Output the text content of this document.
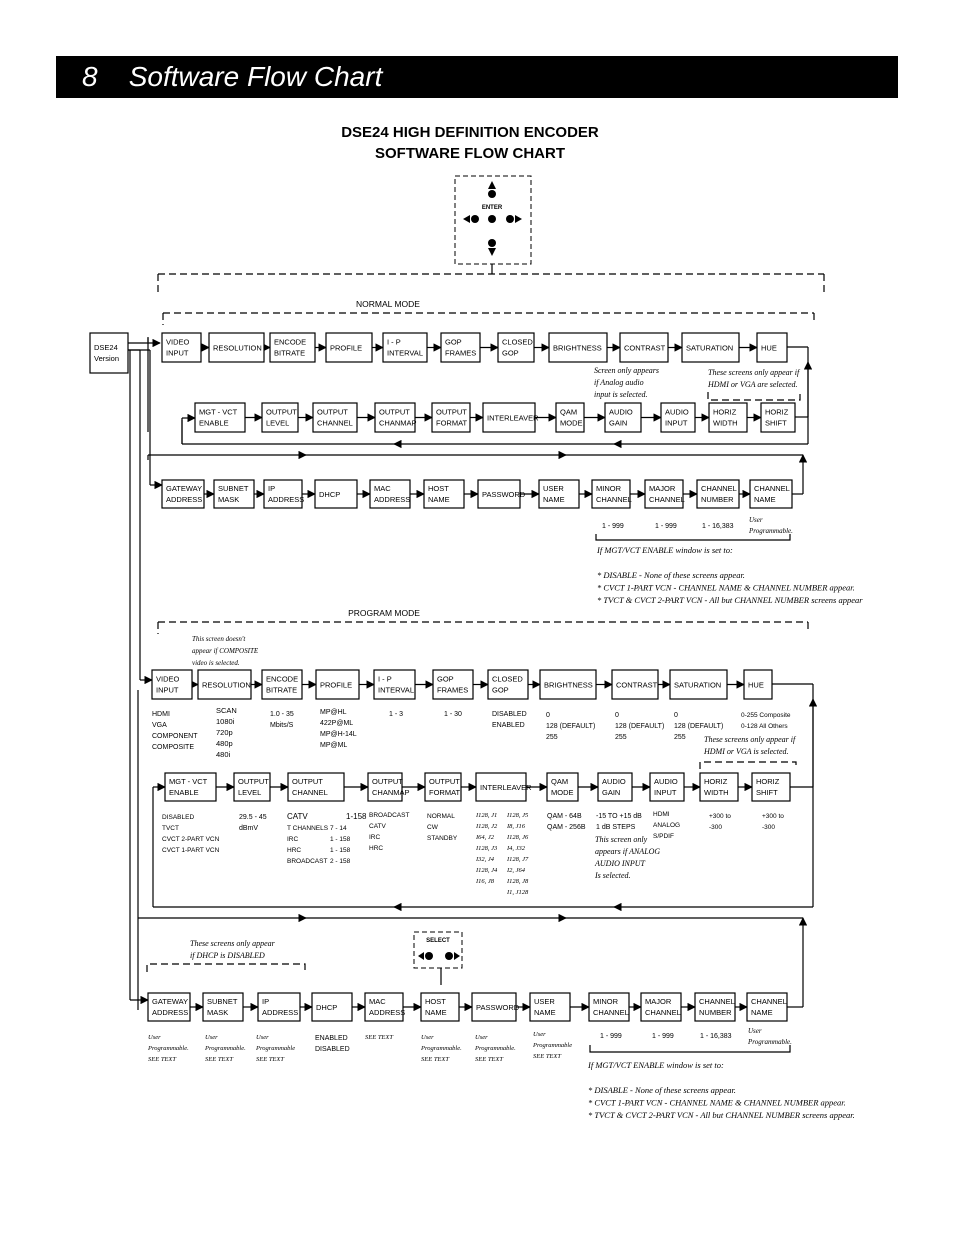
8 Software Flow Chart
DSE24 HIGH DEFINITION ENCODER
SOFTWARE FLOW CHART
ENTER
NORMAL MODE
DSE24
Version
VIDEO
INPUT
RESOLUTION
ENCODE
BITRATE
PROFILE
I - P
INTERVAL
GOP
FRAMES
CLOSED
GOP
BRIGHTNESS	CONTRAST	SATURATION	HUE
MGT - VCT
ENABLE
OUTPUT
LEVEL
OUTPUT
CHANNEL
OUTPUT
CHANMAP
OUTPUT
FORMAT
INTERLEAVER
QAM
MODE
AUDIO
GAIN
AUDIO
INPUT
HORIZ
WIDTH
HORIZ
SHIFT
Screen only appears
if Analog audio
input is selected.
These screens only appear if
HDMI or VGA are selected.
GATEWAY
ADDRESS
SUBNET
MASK
IP
ADDRESS
DHCP
MAC
ADDRESS
HOST
NAME
PASSWORD
USER
NAME
MINOR
CHANNEL
MAJOR
CHANNEL
CHANNEL
NUMBER
CHANNEL
NAME
1 - 999	1 - 999	1 - 16,383
User
Programmable.
If MGT/VCT ENABLE window is set to:
* DISABLE - None of these screens appear.
* CVCT 1-PART VCN - CHANNEL NAME & CHANNEL NUMBER appear.
* TVCT & CVCT 2-PART VCN - All but CHANNEL NUMBER screens appear
PROGRAM MODE
This screen doesn't
appear if COMPOSITE
video is selected.
VIDEO
INPUT
RESOLUTION
ENCODE
BITRATE
PROFILE
I - P
INTERVAL
GOP
FRAMES
CLOSED
GOP
BRIGHTNESS	CONTRAST SATURATION	HUE
HDMI
VGA
COMPONENT
COMPOSITE
SCAN
1080i
720p
480p
480i
1.0 - 35
Mbits/S
MP@HL
422P@ML
MP@H-14L
MP@ML
1 - 3	1 - 30	DISABLED
ENABLED
0
128 (DEFAULT)
255
0
128 (DEFAULT)
255
0
128 (DEFAULT)
255
0-255 Composite
0-128 All Others
These screens only appear if
HDMI or VGA is selected.
MGT - VCT
ENABLE
OUTPUT
LEVEL
OUTPUT
CHANNEL
OUTPUT
CHANMAP
OUTPUT
FORMAT
INTERLEAVER
QAM
MODE
AUDIO
GAIN
AUDIO
INPUT
HORIZ
WIDTH
HORIZ
SHIFT
DISABLED
TVCT
CVCT 2-PART VCN
CVCT 1-PART VCN
29.5 - 45
dBmV
CATV	1-158
T CHANNELS 7 - 14
IRC	1 - 158
HRC	1 - 158
BROADCAST 2 - 158
BROADCAST
CATV
IRC
HRC
NORMAL
CW
STANDBY
I128, J1
I128, J2
I64, J2
I128, J3
I32, J4
I128, J4
I16, J8
I128, J5
I8, J16
I128, J6
I4, J32
I128, J7
I2, J64
I128, J8
I1, J128
QAM - 64B
QAM - 256B
-15 TO +15 dB
1 dB STEPS
This screen only
appears if ANALOG
AUDIO INPUT
Is selected.
HDMI
ANALOG
S/PDIF
+300 to
-300
+300 to
-300
These screens only appear
if DHCP is DISABLED
SELECT
GATEWAY
ADDRESS
SUBNET
MASK
IP
ADDRESS
DHCP
MAC
ADDRESS
HOST
NAME
PASSWORD
USER
NAME
MINOR
CHANNEL
MAJOR
CHANNEL
CHANNEL
NUMBER
CHANNEL
NAME
User
Programmable.
SEE TEXT
User
Programmable.
SEE TEXT
User
Programmable
SEE TEXT
ENABLED
DISABLED
SEE TEXT	User
Programmable.
SEE TEXT
User
Programmable.
SEE TEXT
User
Programmable
SEE TEXT
1 - 999	1 - 999	1 - 16,383
User
Programmable.
If MGT/VCT ENABLE window is set to:
* DISABLE - None of these screens appear.
* CVCT 1-PART VCN - CHANNEL NAME & CHANNEL NUMBER appear.
* TVCT & CVCT 2-PART VCN - All but CHANNEL NUMBER screens appear.
